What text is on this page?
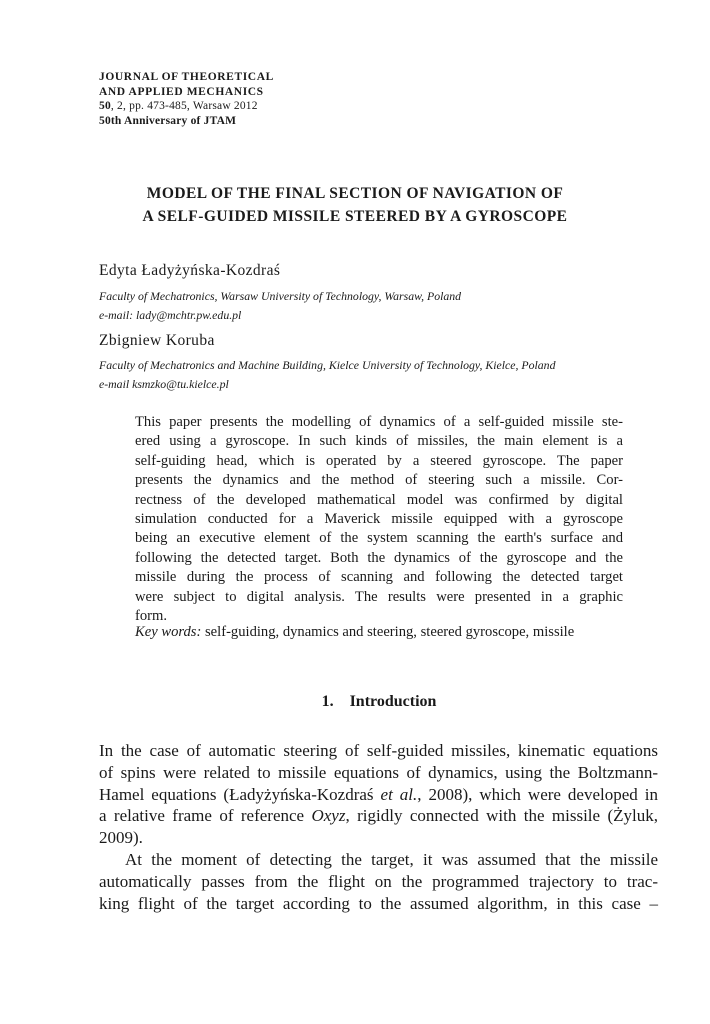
JOURNAL OF THEORETICAL
AND APPLIED MECHANICS
50, 2, pp. 473-485, Warsaw 2012
50th Anniversary of JTAM
MODEL OF THE FINAL SECTION OF NAVIGATION OF
A SELF-GUIDED MISSILE STEERED BY A GYROSCOPE
Edyta Ładyżyńska-Kozdraś
Faculty of Mechatronics, Warsaw University of Technology, Warsaw, Poland
e-mail: lady@mchtr.pw.edu.pl
Zbigniew Koruba
Faculty of Mechatronics and Machine Building, Kielce University of Technology, Kielce, Poland
e-mail ksmzko@tu.kielce.pl
This paper presents the modelling of dynamics of a self-guided missile ste-
ered using a gyroscope. In such kinds of missiles, the main element is a
self-guiding head, which is operated by a steered gyroscope. The paper
presents the dynamics and the method of steering such a missile. Cor-
rectness of the developed mathematical model was confirmed by digital
simulation conducted for a Maverick missile equipped with a gyroscope
being an executive element of the system scanning the earth's surface and
following the detected target. Both the dynamics of the gyroscope and the
missile during the process of scanning and following the detected target
were subject to digital analysis. The results were presented in a graphic
form.
Key words: self-guiding, dynamics and steering, steered gyroscope, missile
1. Introduction
In the case of automatic steering of self-guided missiles, kinematic equations
of spins were related to missile equations of dynamics, using the Boltzmann-
Hamel equations (Ładyżyńska-Kozdraś et al., 2008), which were developed in
a relative frame of reference Oxyz, rigidly connected with the missile (Żyluk,
2009).
At the moment of detecting the target, it was assumed that the missile
automatically passes from the flight on the programmed trajectory to trac-
king flight of the target according to the assumed algorithm, in this case –
